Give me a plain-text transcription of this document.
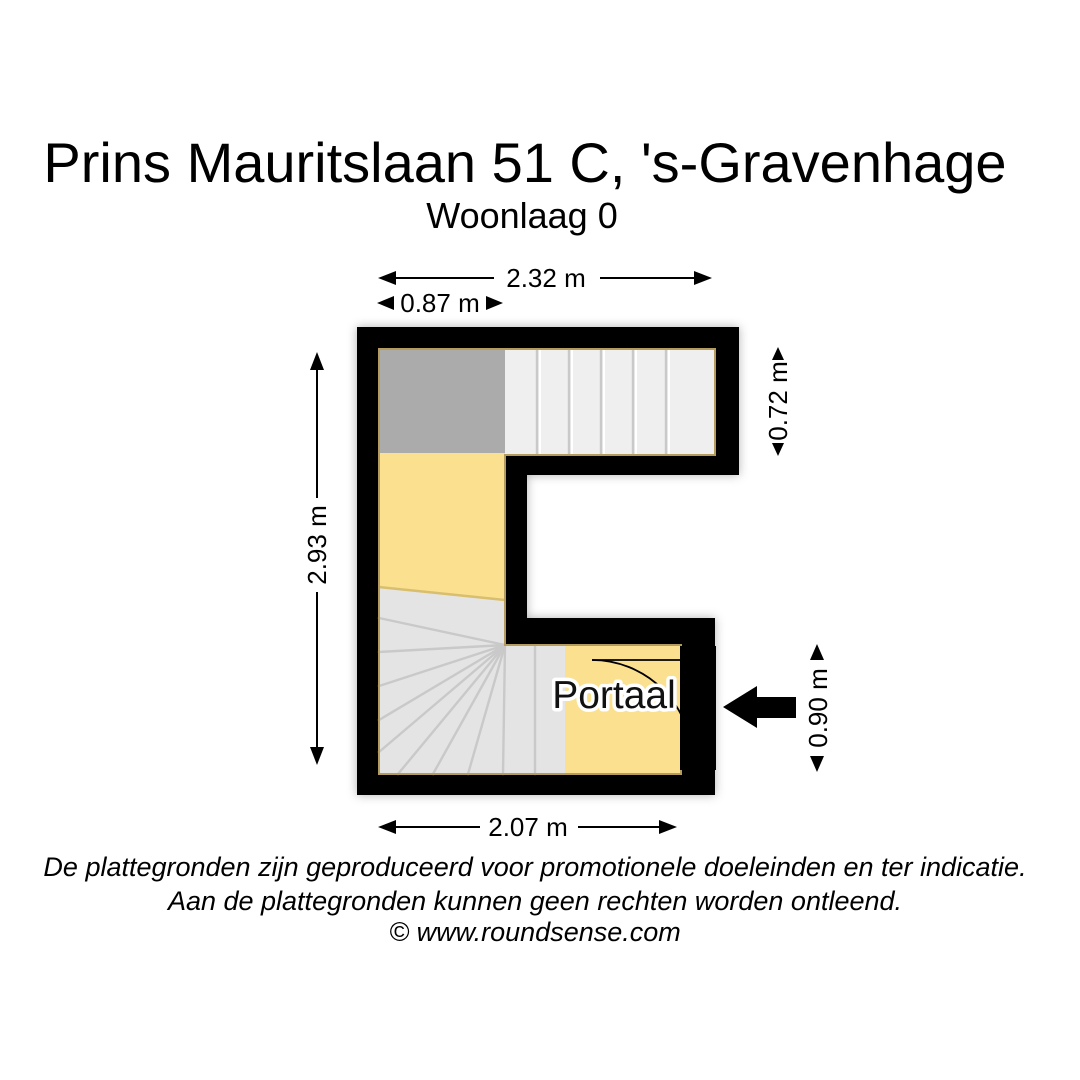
Prins Mauritslaan 51 C, 's-Gravenhage
Woonlaag 0
Portaal
2.32 m
0.87 m
2.93 m
0.72 m
0.90 m
2.07 m
De plattegronden zijn geproduceerd voor promotionele doeleinden en ter indicatie.
Aan de plattegronden kunnen geen rechten worden ontleend.
© www.roundsense.com
